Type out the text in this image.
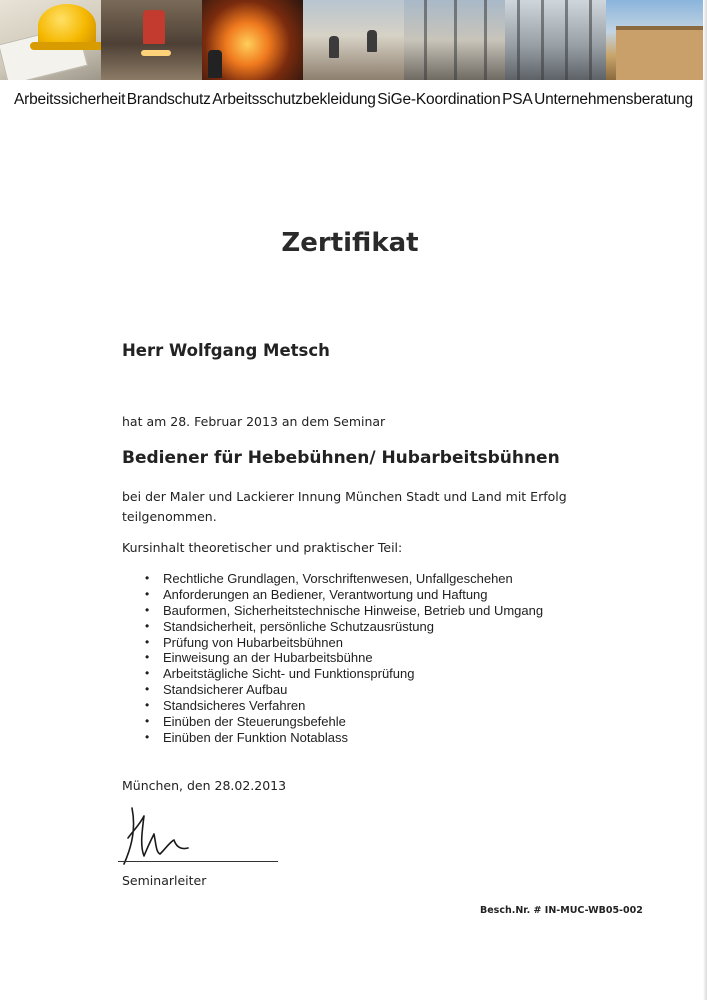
Arbeitssicherheit Brandschutz Arbeitsschutzbekleidung SiGe-Koordination PSA Unternehmensberatung
Zertifikat
Herr Wolfgang Metsch
hat am 28. Februar 2013 an dem Seminar
Bediener für Hebebühnen/ Hubarbeitsbühnen
bei der Maler und Lackierer Innung München Stadt und Land mit Erfolg
teilgenommen.
Kursinhalt theoretischer und praktischer Teil:
• Rechtliche Grundlagen, Vorschriftenwesen, Unfallgeschehen
• Anforderungen an Bediener, Verantwortung und Haftung
• Bauformen, Sicherheitstechnische Hinweise, Betrieb und Umgang
• Standsicherheit, persönliche Schutzausrüstung
• Prüfung von Hubarbeitsbühnen
• Einweisung an der Hubarbeitsbühne
• Arbeitstägliche Sicht- und Funktionsprüfung
• Standsicherer Aufbau
• Standsicheres Verfahren
• Einüben der Steuerungsbefehle
• Einüben der Funktion Notablass
München, den 28.02.2013
Seminarleiter
Besch.Nr. # IN-MUC-WB05-002
